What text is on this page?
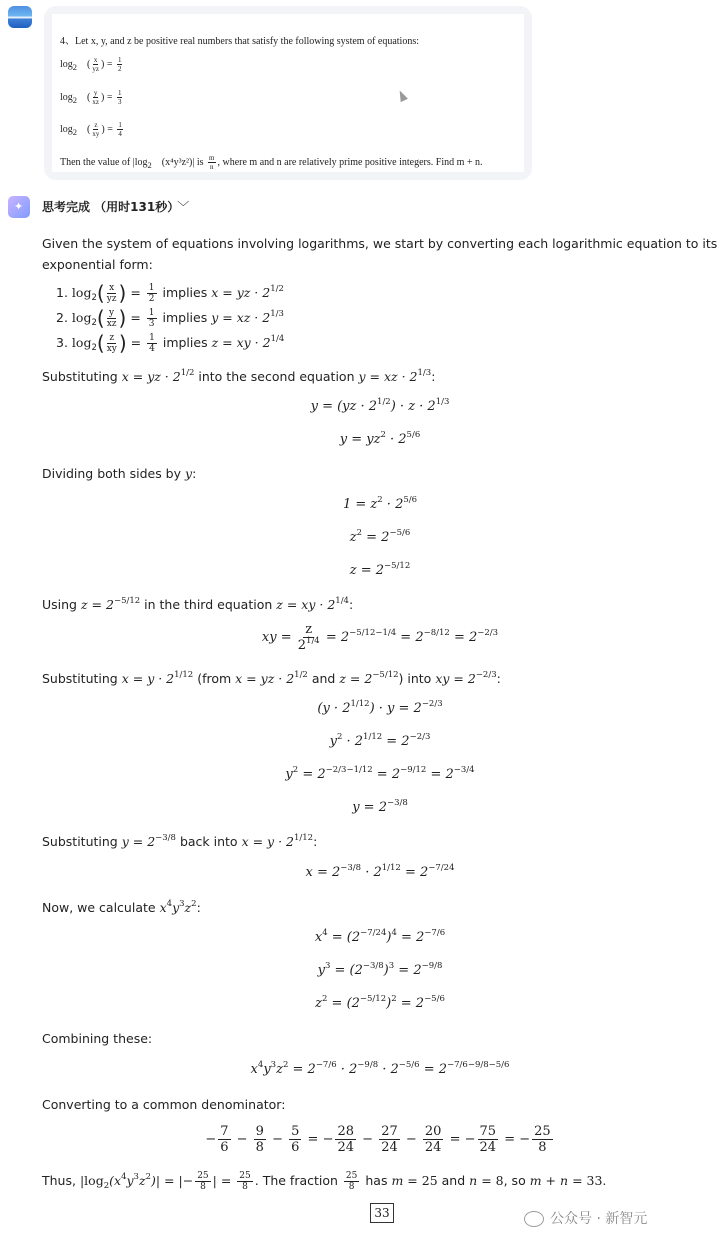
4、Let x, y, and z be positive real numbers that satisfy the following system of equations:
$\log_2$    ( $\frac{x}{yz}$ ) = $\frac{1}{2}$
$\log_2$    ( $\frac{y}{xz}$ ) = $\frac{1}{3}$
$\log_2$    ( $\frac{z}{xy}$ ) = $\frac{1}{4}$
Then the value of $|\log_2$ (x⁴y³z²)| is $\frac{m}{n}$ , where m and n are relatively prime positive integers. Find m + n.
✦ 思考完成 （用时131秒） ﹀
Given the system of equations involving logarithms, we start by converting each logarithmic equation to its exponential form:
1. $\log_2( \frac{x}{yz}$ ) = $\frac{1}{2}$ implies x = yz · $2^{1/2}$
2. $\log_2( \frac{y}{xz}$ ) = $\frac{1}{3}$ implies y = xz · $2^{1/3}$
3. $\log_2( \frac{z}{xy}$ ) = $\frac{1}{4}$ implies z = xy · $2^{1/4}$
Substituting x = yz · $2^{1/2}$ into the second equation y = xz · $2^{1/3}$:
$y = (yz \cdot 2^{1/2}) \cdot z \cdot 2^{1/3}$
$y = yz^2 \cdot 2^{5/6}$
Dividing both sides by y:
$1 = z^2 \cdot 2^{5/6}$
$z^2 = 2^{-5/6}$
$z = 2^{-5/12}$
Using $z = 2^{-5/12}$ in the third equation z = xy · $2^{1/4}$:
xy = $\frac{z}{2^{1/4}} = 2^{-5/12-1/4} = 2^{-8/12} = 2^{-2/3}$
Substituting $x = y \cdot 2^{1/12}$ (from x = yz · $2^{1/2}$ and $z = 2^{-5/12}$) into xy = $2^{-2/3}$:
$(y \cdot 2^{1/12}) \cdot y = 2^{-2/3}$
$y^2 \cdot 2^{1/12} = 2^{-2/3}$
$y^2 = 2^{-2/3-1/12} = 2^{-9/12} = 2^{-3/4}$
$y = 2^{-3/8}$
Substituting $y = 2^{-3/8}$ back into $x = y \cdot 2^{1/12}$:
$x = 2^{-3/8} \cdot 2^{1/12} = 2^{-7/24}$
Now, we calculate $x^4y^3z^2$:
$x^4 = (2^{-7/24})^4 = 2^{-7/6}$
$y^3 = (2^{-3/8})^3 = 2^{-9/8}$
$z^2 = (2^{-5/12})^2 = 2^{-5/6}$
Combining these:
$x^4y^3z^2 = 2^{-7/6} \cdot 2^{-9/8} \cdot 2^{-5/6} = 2^{-7/6-9/8-5/6}$
Converting to a common denominator:
− $\frac{7}{6} - \frac{9}{8} - \frac{5}{6}$ = − $\frac{28}{24} - \frac{27}{24} - \frac{20}{24}$ = − $\frac{75}{24}$ = − $\frac{25}{8}$
Thus, $|\log_2(x^4y^3z^2)|$ = |− $\frac{25}{8}$ | = $\frac{25}{8}$ . The fraction $\frac{25}{8}$ has m = 25 and n = 8, so m + n = 33.
33	公众号 · 新智元
